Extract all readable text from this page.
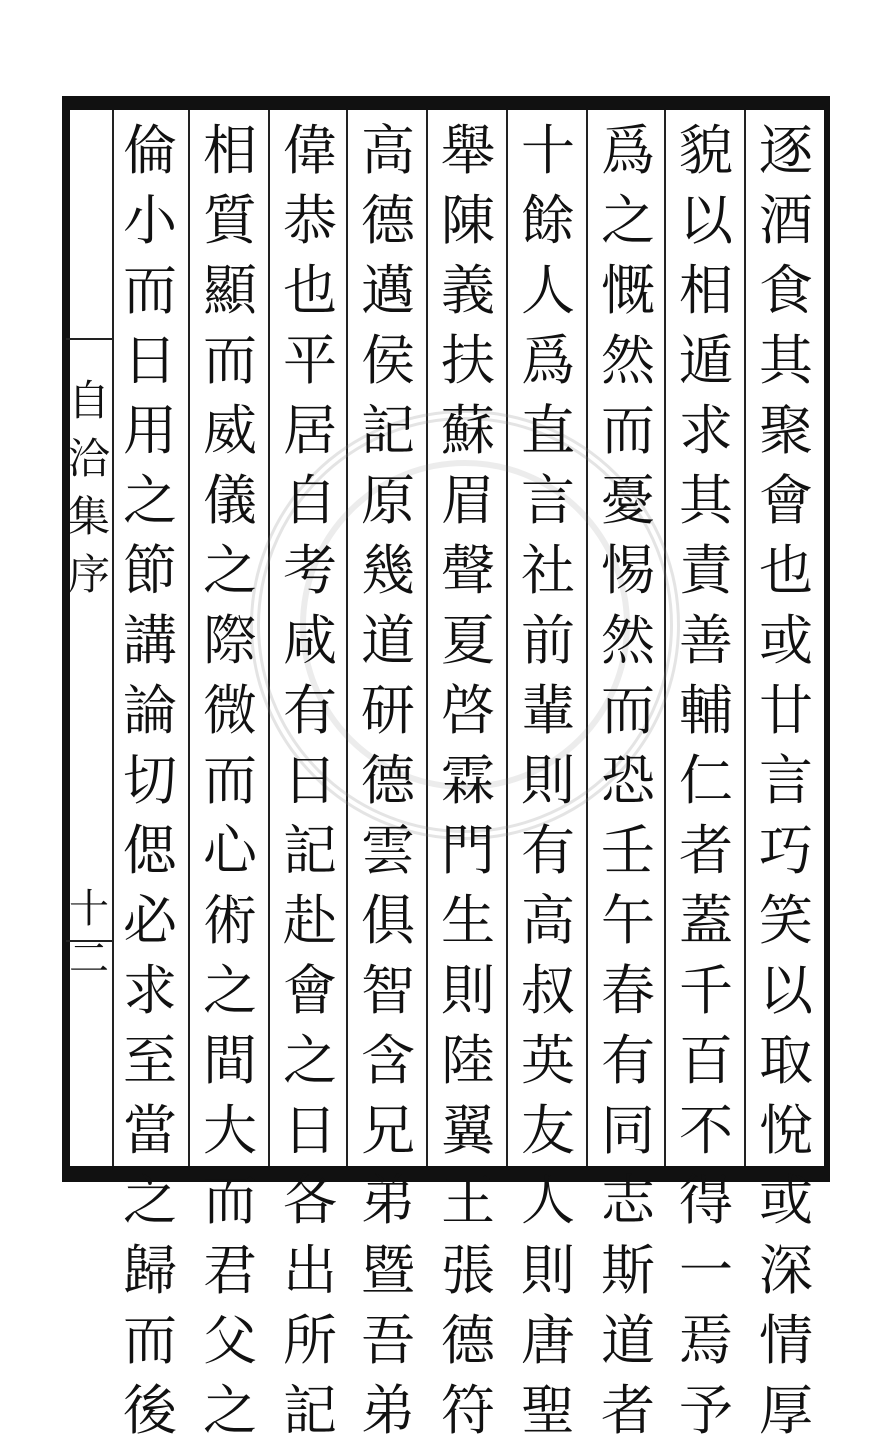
自
洽
集
序
十二
逐
酒
食
其
聚
會
也
或
廿
言
巧
笑
以
取
悅
或
深
情
厚
貌
以
相
遁
求
其
責
善
輔
仁
者
蓋
千
百
不
得
一
焉
予
爲
之
慨
然
而
憂
惕
然
而
恐
壬
午
春
有
同
志
斯
道
者
十
餘
人
爲
直
言
社
前
輩
則
有
高
叔
英
友
人
則
唐
聖
舉
陳
義
扶
蘇
眉
聲
夏
啓
霖
門
生
則
陸
翼
王
張
德
符
高
德
邁
侯
記
原
幾
道
研
德
雲
俱
智
含
兄
弟
暨
吾
弟
偉
恭
也
平
居
自
考
咸
有
日
記
赴
會
之
日
各
出
所
記
相
質
顯
而
威
儀
之
際
微
而
心
術
之
間
大
而
君
父
之
倫
小
而
日
用
之
節
講
論
切
偲
必
求
至
當
之
歸
而
後
